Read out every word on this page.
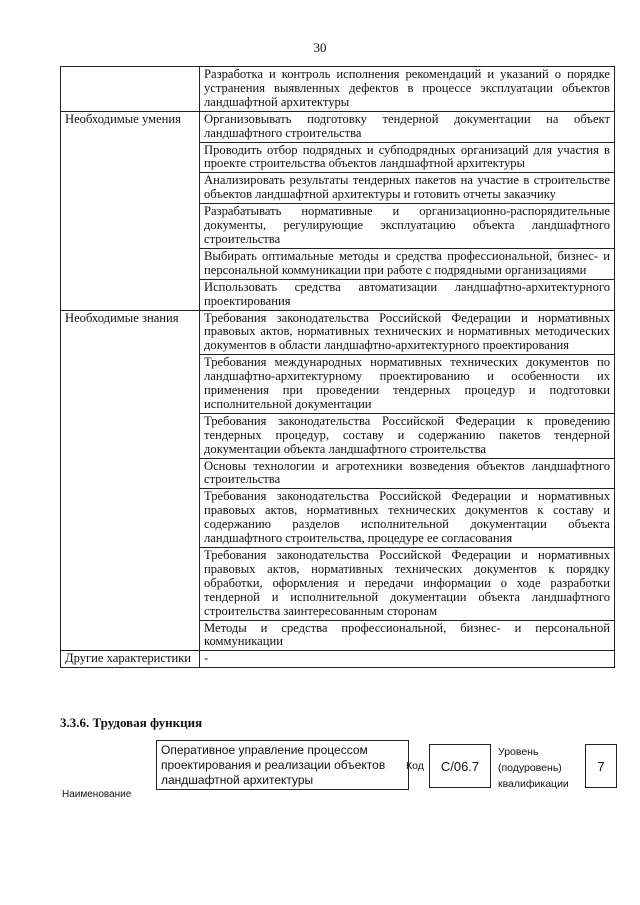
30
	Разработка и контроль исполнения рекомендаций и указаний о порядке устранения выявленных дефектов в процессе эксплуатации объектов ландшафтной архитектуры
Необходимые умения	Организовывать подготовку тендерной документации на объект ландшафтного строительства
	Проводить отбор подрядных и субподрядных организаций для участия в проекте строительства объектов ландшафтной архитектуры
	Анализировать результаты тендерных пакетов на участие в строительстве объектов ландшафтной архитектуры и готовить отчеты заказчику
	Разрабатывать нормативные и организационно-распорядительные документы, регулирующие эксплуатацию объекта ландшафтного строительства
	Выбирать оптимальные методы и средства профессиональной, бизнес- и персональной коммуникации при работе с подрядными организациями
	Использовать средства автоматизации ландшафтно-архитектурного проектирования
Необходимые знания	Требования законодательства Российской Федерации и нормативных правовых актов, нормативных технических и нормативных методических документов в области ландшафтно-архитектурного проектирования
	Требования международных нормативных технических документов по ландшафтно-архитектурному проектированию и особенности их применения при проведении тендерных процедур и подготовки исполнительной документации
	Требования законодательства Российской Федерации к проведению тендерных процедур, составу и содержанию пакетов тендерной документации объекта ландшафтного строительства
	Основы технологии и агротехники возведения объектов ландшафтного строительства
	Требования законодательства Российской Федерации и нормативных правовых актов, нормативных технических документов к составу и содержанию разделов исполнительной документации объекта ландшафтного строительства, процедуре ее согласования
	Требования законодательства Российской Федерации и нормативных правовых актов, нормативных технических документов к порядку обработки, оформления и передачи информации о ходе разработки тендерной и исполнительной документации объекта ландшафтного строительства заинтересованным сторонам
	Методы и средства профессиональной, бизнес- и персональной коммуникации
Другие характеристики	-
3.3.6. Трудовая функция
Наименование
Оперативное управление процессом проектирования и реализации объектов ландшафтной архитектуры
Код	С/06.7
Уровень (подуровень) квалификации
7
